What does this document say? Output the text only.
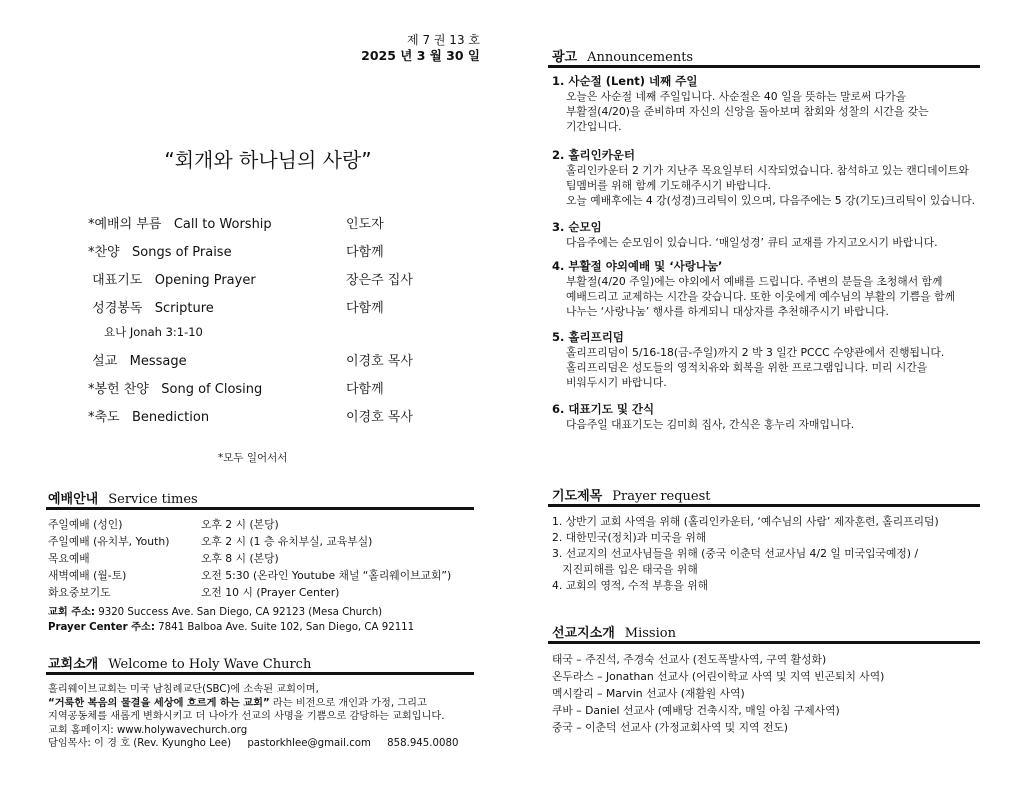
제 7 권 13 호
2025 년 3 월 30 일
“회개와 하나님의 사랑”
*예배의 부름   Call to Worship	인도자
*찬양   Songs of Praise	다함께
대표기도   Opening Prayer	장은주 집사
성경봉독   Scripture	다함께
요나 Jonah 3:1-10
설교   Message	이경호 목사
*봉헌 찬양   Song of Closing	다함께
*축도   Benediction	이경호 목사
*모두 일어서서
예배안내 Service times
주일예배 (성인)	오후 2 시 (본당)
주일예배 (유치부, Youth)	오후 2 시 (1 층 유치부실, 교육부실)
목요예배	오후 8 시 (본당)
새벽예배 (월-토)	오전 5:30 (온라인 Youtube 채널 “홀리웨이브교회”)
화요중보기도	오전 10 시 (Prayer Center)
교회 주소: 9320 Success Ave. San Diego, CA 92123 (Mesa Church)
Prayer Center 주소: 7841 Balboa Ave. Suite 102, San Diego, CA 92111
교회소개 Welcome to Holy Wave Church
홀리웨이브교회는 미국 남침례교단(SBC)에 소속된 교회이며,
“거룩한 복음의 물결을 세상에 흐르게 하는 교회” 라는 비전으로 개인과 가정, 그리고
지역공동체를 새롭게 변화시키고 더 나아가 선교의 사명을 기쁨으로 감당하는 교회입니다.
교회 홈페이지: www.holywavechurch.org
담임목사: 이 경 호 (Rev. Kyungho Lee)     pastorkhlee@gmail.com     858.945.0080
광고 Announcements
1. 사순절 (Lent) 네째 주일
오늘은 사순절 네째 주일입니다. 사순절은 40 일을 뜻하는 말로써 다가올
부활절(4/20)을 준비하며 자신의 신앙을 돌아보며 참회와 성찰의 시간을 갖는
기간입니다.
2. 홀리인카운터
홀리인카운터 2 기가 지난주 목요일부터 시작되었습니다. 참석하고 있는 캔디데이트와
팀멤버를 위해 함께 기도해주시기 바랍니다.
오늘 예배후에는 4 강(성경)크리틱이 있으며, 다음주에는 5 강(기도)크리틱이 있습니다.
3. 순모임
다음주에는 순모임이 있습니다. ‘매일성경’ 큐티 교재를 가지고오시기 바랍니다.
4. 부활절 야외예배 및 ‘사랑나눔’
부활절(4/20 주일)에는 야외에서 예배를 드립니다. 주변의 분들을 초청해서 함께
예배드리고 교제하는 시간을 갖습니다. 또한 이웃에게 예수님의 부활의 기쁨을 함께
나누는 ‘사랑나눔’ 행사를 하게되니 대상자를 추천해주시기 바랍니다.
5. 홀리프리덤
홀리프리덤이 5/16-18(금-주일)까지 2 박 3 일간 PCCC 수양관에서 진행됩니다.
홀리프리덤은 성도들의 영적치유와 회복을 위한 프로그램입니다. 미리 시간을
비워두시기 바랍니다.
6. 대표기도 및 간식
다음주일 대표기도는 김미희 집사, 간식은 홍누리 자매입니다.
기도제목 Prayer request
1. 상반기 교회 사역을 위해 (홀리인카운터, ‘예수님의 사람’ 제자훈련, 홀리프리덤)
2. 대한민국(정치)과 미국을 위해
3. 선교지의 선교사님들을 위해 (중국 이춘덕 선교사님 4/2 일 미국입국예정) /
지진피해를 입은 태국을 위해
4. 교회의 영적, 수적 부흥을 위해
선교지소개 Mission
태국 – 주진석, 주경숙 선교사 (전도폭발사역, 구역 활성화)
온두라스 – Jonathan 선교사 (어린이학교 사역 및 지역 빈곤퇴치 사역)
멕시칼리 – Marvin 선교사 (재활원 사역)
쿠바 – Daniel 선교사 (예배당 건축시작, 매일 아침 구제사역)
중국 – 이춘덕 선교사 (가정교회사역 및 지역 전도)
